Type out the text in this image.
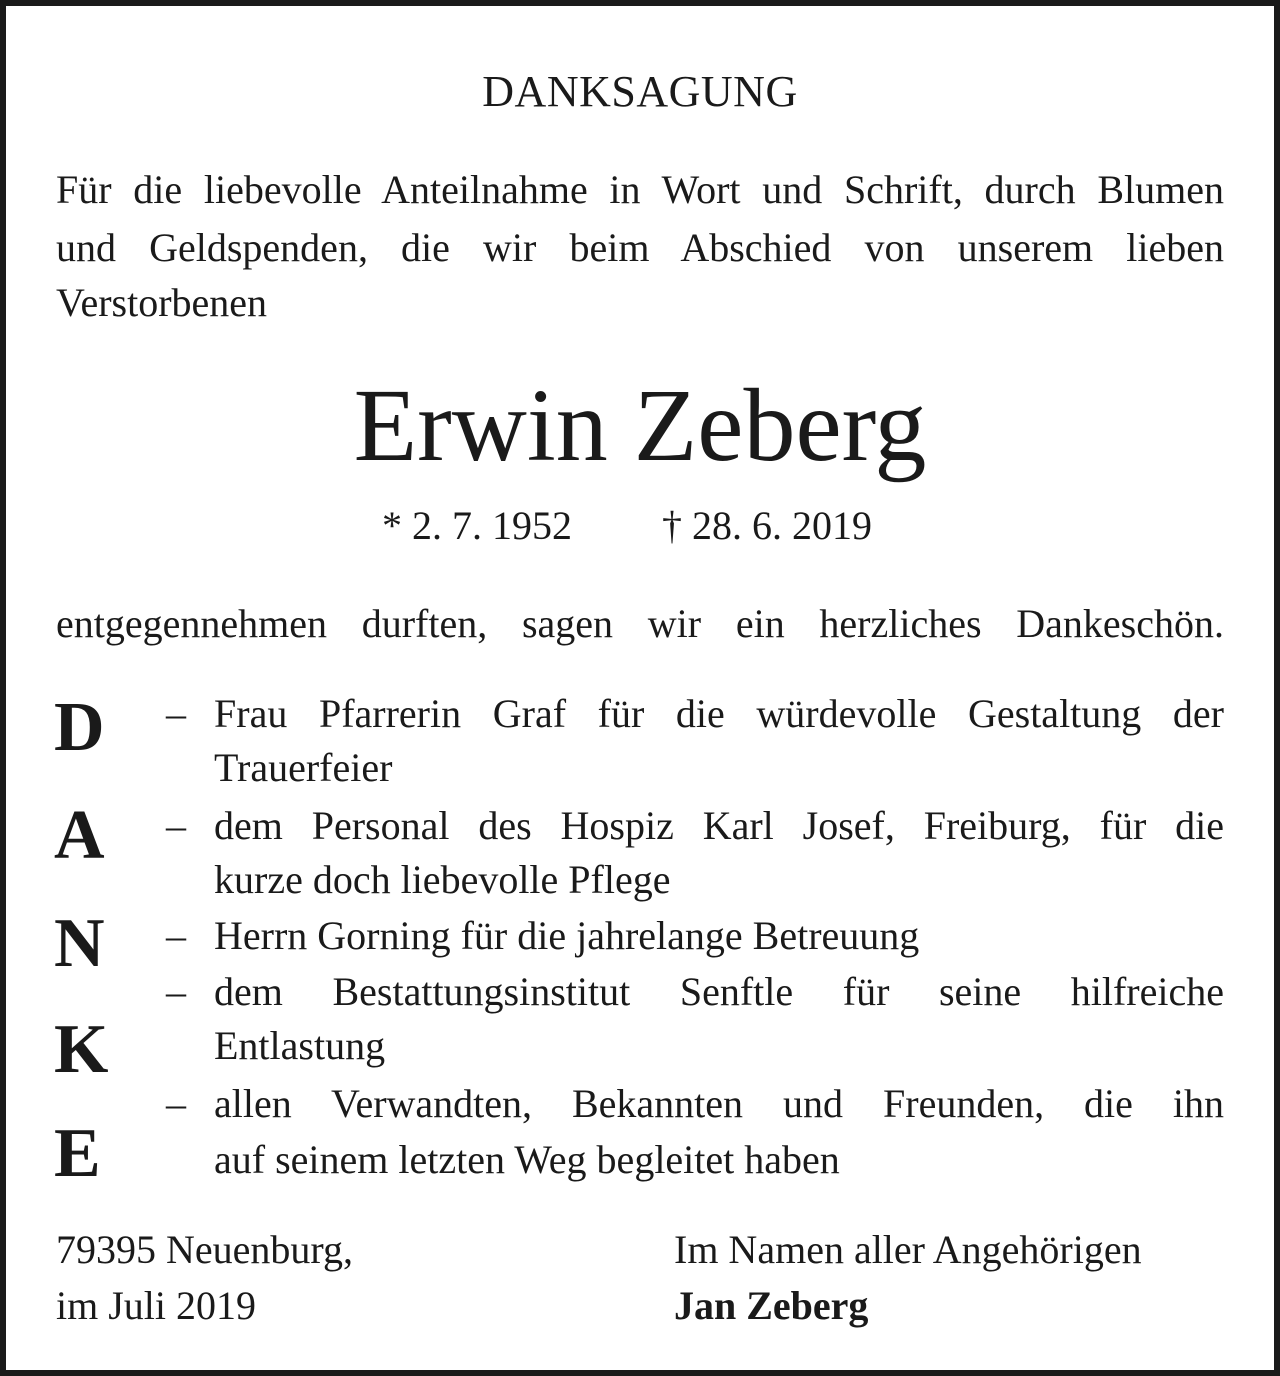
DANKSAGUNG
Für die liebevolle Anteilnahme in Wort und Schrift, durch Blumen
und Geldspenden, die wir beim Abschied von unserem lieben
Verstorbenen
Erwin Zeberg
* 2. 7. 1952 † 28. 6. 2019
entgegennehmen durften, sagen wir ein herzliches Dankeschön.
D
A
N
K
E
– Frau Pfarrerin Graf für die würdevolle Gestaltung der
Trauerfeier
– dem Personal des Hospiz Karl Josef, Freiburg, für die
kurze doch liebevolle Pflege
– Herrn Gorning für die jahrelange Betreuung
– dem Bestattungsinstitut Senftle für seine hilfreiche
Entlastung
– allen Verwandten, Bekannten und Freunden, die ihn
auf seinem letzten Weg begleitet haben
79395 Neuenburg,
im Juli 2019
Im Namen aller Angehörigen
Jan Zeberg
